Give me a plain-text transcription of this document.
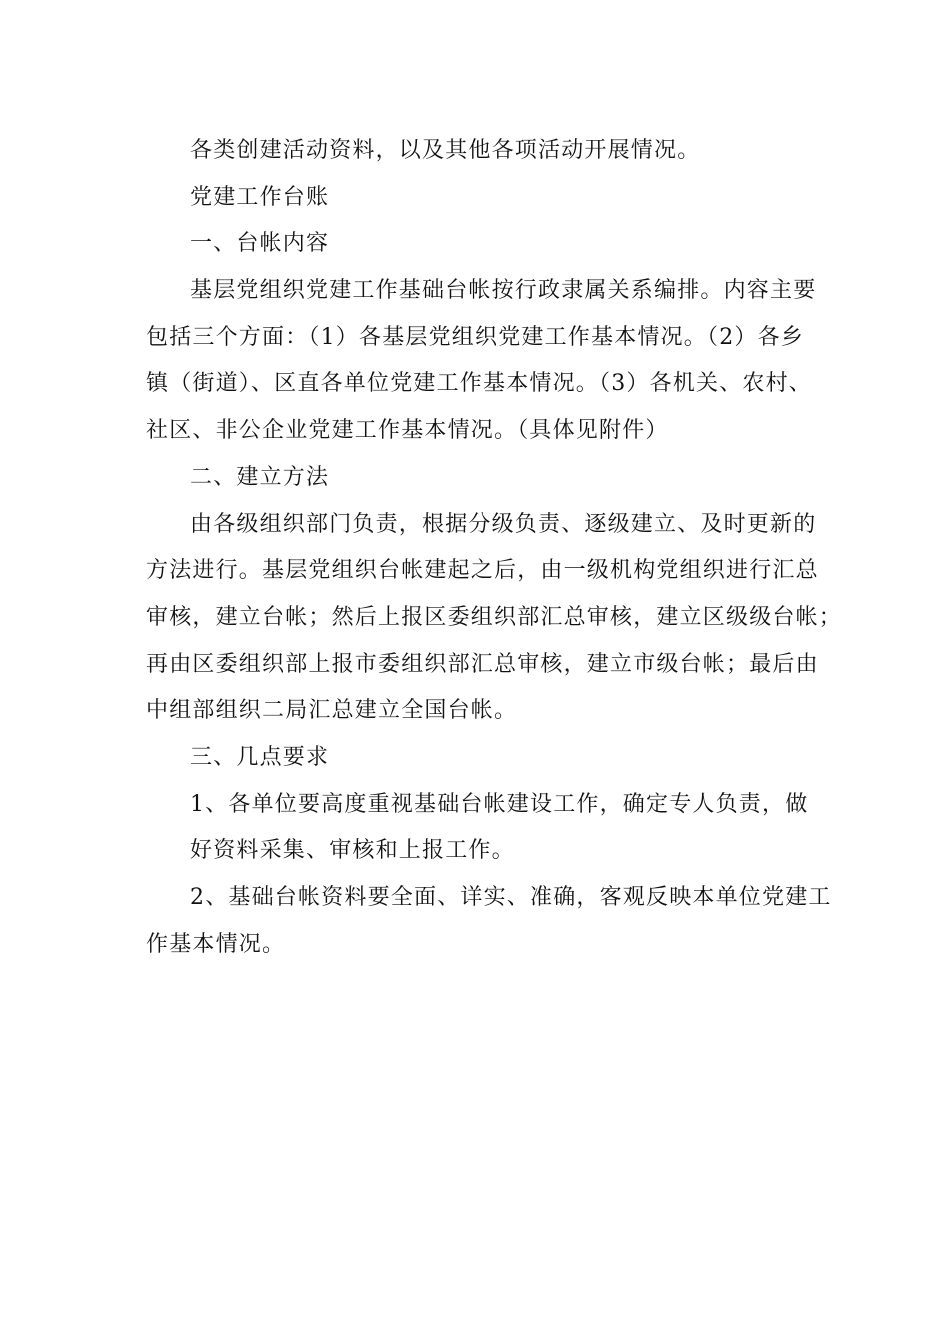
各类创建活动资料，以及其他各项活动开展情况。
党建工作台账
一、台帐内容
基层党组织党建工作基础台帐按行政隶属关系编排。内容主要
包括三个方面：（1）各基层党组织党建工作基本情况。（2）各乡
镇（街道）、区直各单位党建工作基本情况。（3）各机关、农村、
社区、非公企业党建工作基本情况。（具体见附件）
二、建立方法
由各级组织部门负责，根据分级负责、逐级建立、及时更新的
方法进行。基层党组织台帐建起之后，由一级机构党组织进行汇总
审核，建立台帐；然后上报区委组织部汇总审核，建立区级级台帐；
再由区委组织部上报市委组织部汇总审核，建立市级台帐；最后由
中组部组织二局汇总建立全国台帐。
三、几点要求
1、各单位要高度重视基础台帐建设工作，确定专人负责，做
好资料采集、审核和上报工作。
2、基础台帐资料要全面、详实、准确，客观反映本单位党建工
作基本情况。
